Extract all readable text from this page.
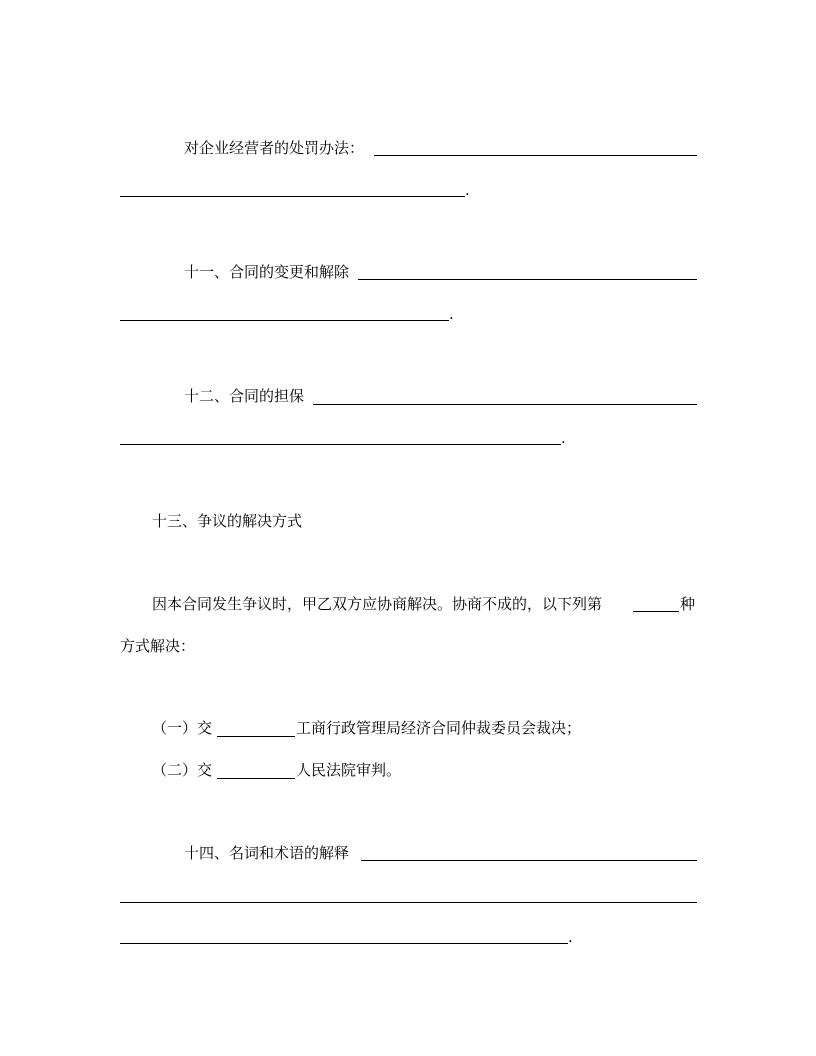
对企业经营者的处罚办法：
.
十一、合同的变更和解除
.
十二、合同的担保
.
十三、争议的解决方式
因本合同发生争议时，甲乙双方应协商解决。协商不成的，以下列第	种
方式解决：
（一）交	工商行政管理局经济合同仲裁委员会裁决；
（二）交	人民法院审判。
十四、名词和术语的解释
.
